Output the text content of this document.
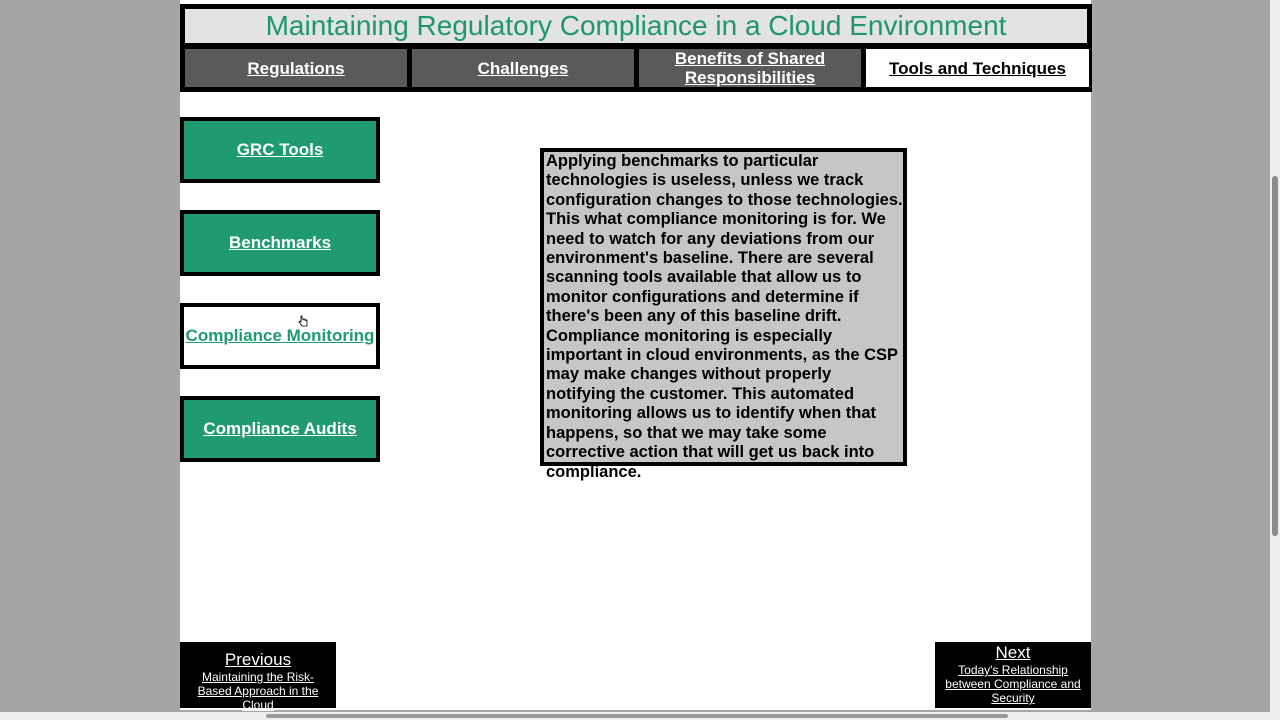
Maintaining Regulatory Compliance in a Cloud Environment
Regulations	Challenges	Benefits of Shared Responsibilities	Tools and Techniques
GRC Tools
Benchmarks
Compliance Monitoring
Compliance Audits
Applying benchmarks to particular technologies is useless, unless we track configuration changes to those technologies. This what compliance monitoring is for. We need to watch for any deviations from our environment's baseline. There are several scanning tools available that allow us to monitor configurations and determine if there's been any of this baseline drift. Compliance monitoring is especially important in cloud environments, as the CSP may make changes without properly notifying the customer. This automated monitoring allows us to identify when that happens, so that we may take some corrective action that will get us back into compliance.
Previous
Maintaining the Risk-Based Approach in the Cloud
Next
Today's Relationship between Compliance and Security
